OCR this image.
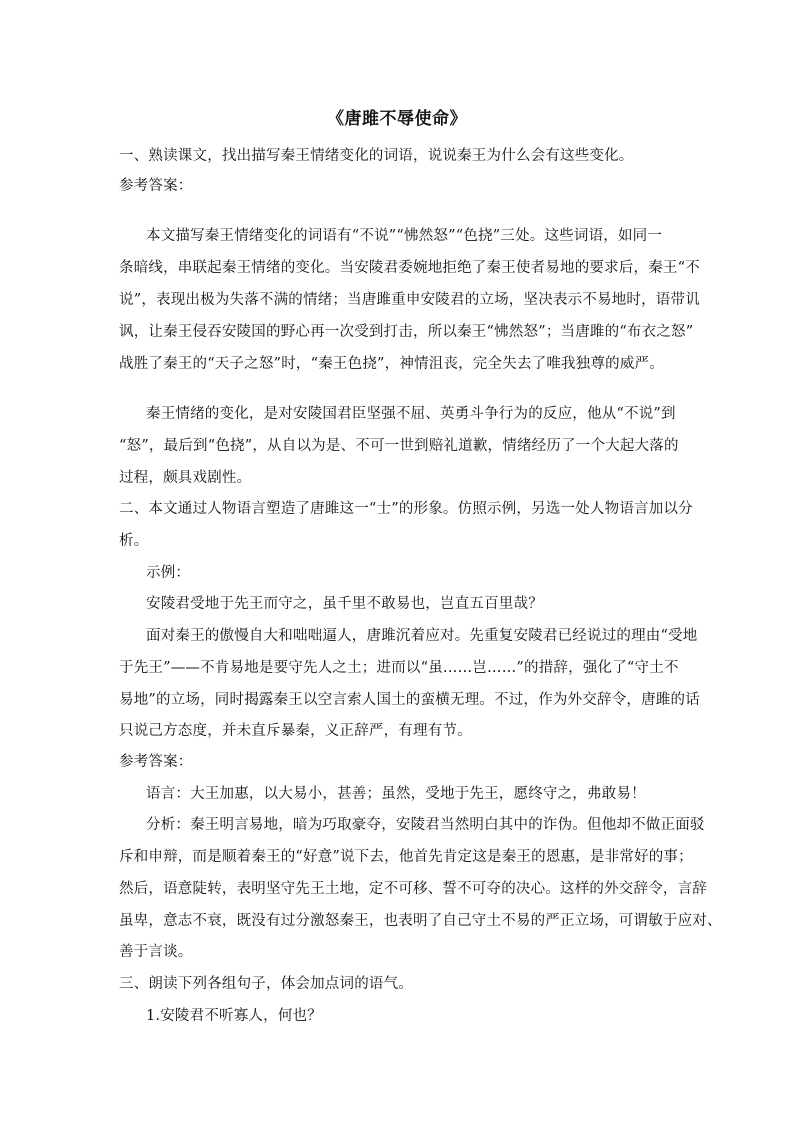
《唐雎不辱使命》
一、熟读课文，找出描写秦王情绪变化的词语，说说秦王为什么会有这些变化。
参考答案：
本文描写秦王情绪变化的词语有“不说”“怫然怒”“色挠”三处。这些词语，如同一
条暗线，串联起秦王情绪的变化。当安陵君委婉地拒绝了秦王使者易地的要求后，秦王“不
说”，表现出极为失落不满的情绪；当唐雎重申安陵君的立场，坚决表示不易地时，语带讥
讽，让秦王侵吞安陵国的野心再一次受到打击，所以秦王“怫然怒”；当唐雎的“布衣之怒”
战胜了秦王的“天子之怒”时，“秦王色挠”，神情沮丧，完全失去了唯我独尊的威严。
秦王情绪的变化，是对安陵国君臣坚强不屈、英勇斗争行为的反应，他从“不说”到
“怒”，最后到“色挠”，从自以为是、不可一世到赔礼道歉，情绪经历了一个大起大落的
过程，颇具戏剧性。
二、本文通过人物语言塑造了唐雎这一“士”的形象。仿照示例，另选一处人物语言加以分
析。
示例：
安陵君受地于先王而守之，虽千里不敢易也，岂直五百里哉？
面对秦王的傲慢自大和咄咄逼人，唐雎沉着应对。先重复安陵君已经说过的理由“受地
于先王”——不肯易地是要守先人之土；进而以“虽……岂……”的措辞，强化了“守土不
易地”的立场，同时揭露秦王以空言索人国土的蛮横无理。不过，作为外交辞令，唐雎的话
只说己方态度，并未直斥暴秦，义正辞严，有理有节。
参考答案：
语言：大王加惠，以大易小，甚善；虽然，受地于先王，愿终守之，弗敢易！
分析：秦王明言易地，暗为巧取豪夺，安陵君当然明白其中的诈伪。但他却不做正面驳
斥和申辩，而是顺着秦王的“好意”说下去，他首先肯定这是秦王的恩惠，是非常好的事；
然后，语意陡转，表明坚守先王土地，定不可移、誓不可夺的决心。这样的外交辞令，言辞
虽卑，意志不衰，既没有过分激怒秦王，也表明了自己守土不易的严正立场，可谓敏于应对、
善于言谈。
三、朗读下列各组句子，体会加点词的语气。
1.安陵君不听寡人，何也？
